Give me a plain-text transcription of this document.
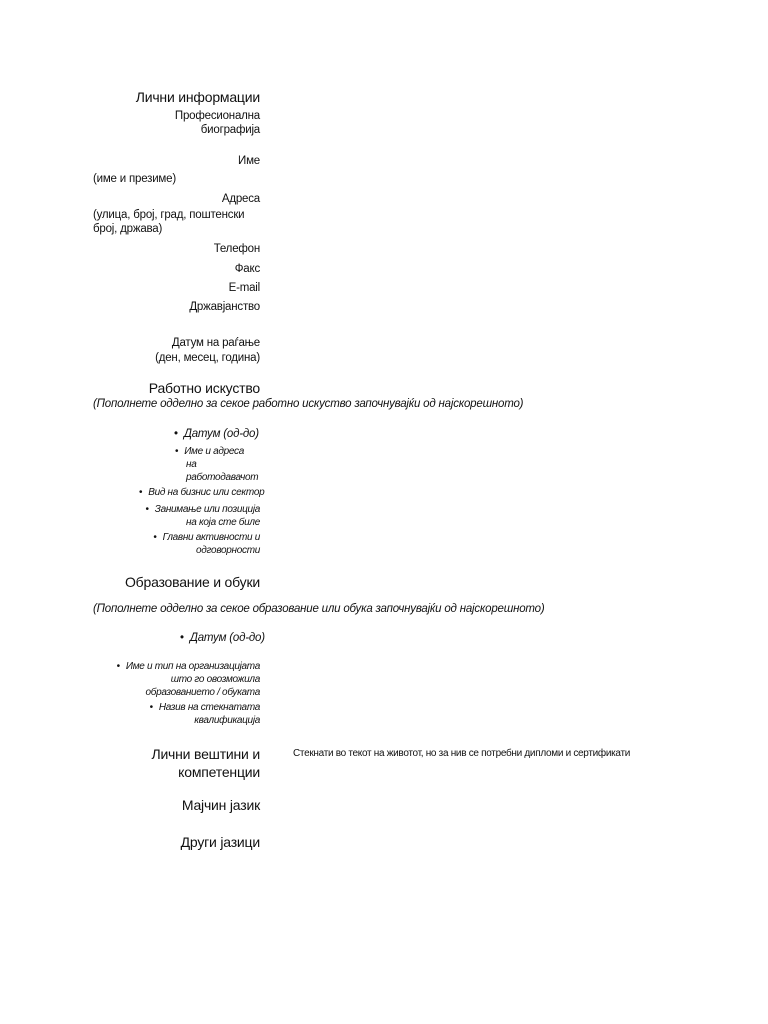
Лични информации
Професионална
биографија
Име
(име и презиме)
Адреса
(улица, број, град, поштенски
број, држава)
Телефон
Факс
E-mail
Државјанство
Датум на раѓање
(ден, месец, година)
Работно искуство
(Пополнете одделно за секое работно искуство започнувајќи од најскорешното)
• Датум (од-до)
• Име и адреса
на
работодавачот
• Вид на бизнис или сектор
• Занимање или позиција
на која сте биле
• Главни активности и
одговорности
Образование и обуки
(Пополнете одделно за секое образование или обука започнувајќи од најскорешното)
• Датум (од-до)
• Име и тип на организацијата
што го овозможила
образованието / обуката
• Назив на стекнатата
квалификација
Лични вештини и
компетенции
Стекнати во текот на животот, но за нив се потребни дипломи и сертификати
Мајчин јазик
Други јазици
